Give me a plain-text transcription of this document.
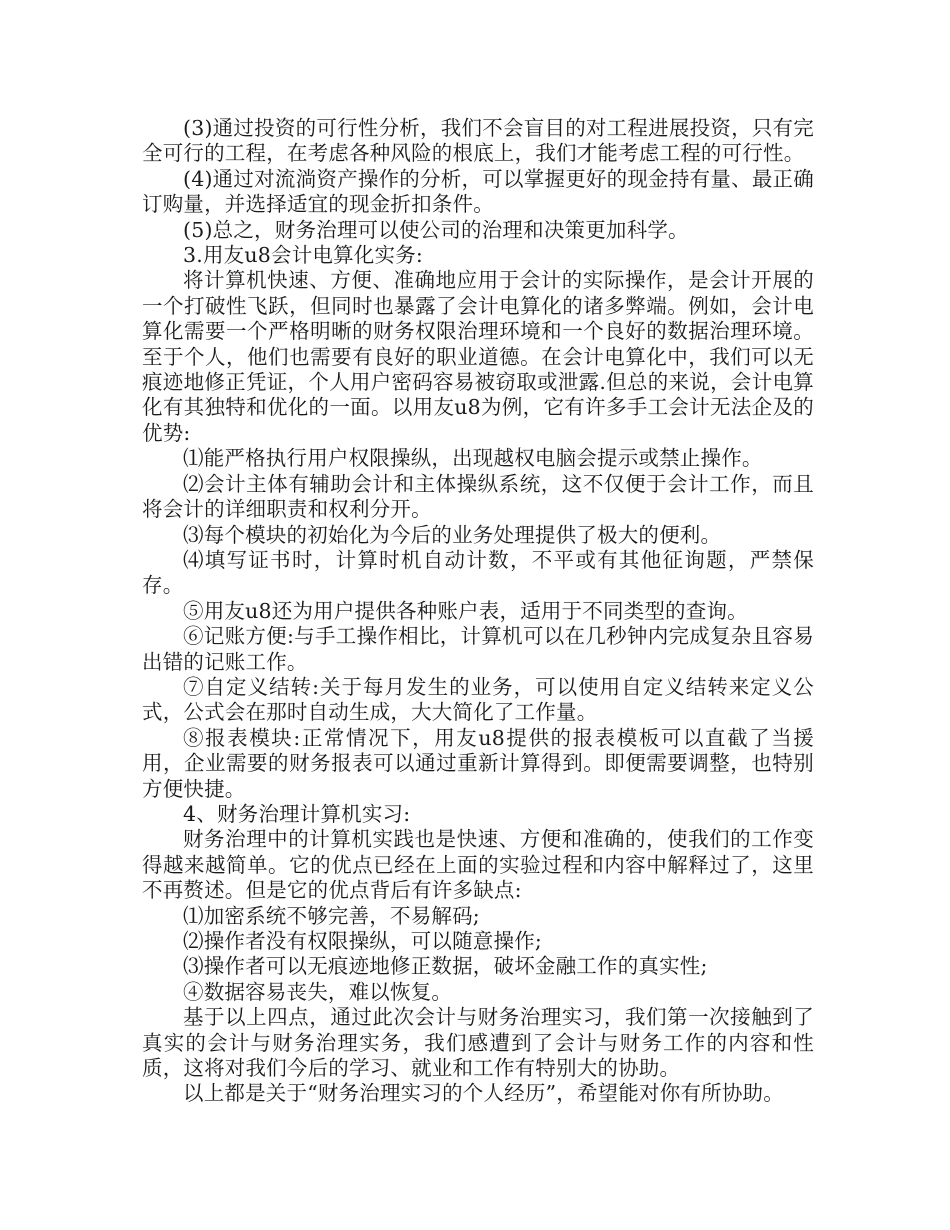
(3)通过投资的可行性分析，我们不会盲目的对工程进展投资，只有完全可行的工程，在考虑各种风险的根底上，我们才能考虑工程的可行性。

(4)通过对流淌资产操作的分析，可以掌握更好的现金持有量、最正确订购量，并选择适宜的现金折扣条件。

(5)总之，财务治理可以使公司的治理和决策更加科学。

3.用友u8会计电算化实务:

将计算机快速、方便、准确地应用于会计的实际操作，是会计开展的一个打破性飞跃，但同时也暴露了会计电算化的诸多弊端。例如，会计电算化需要一个严格明晰的财务权限治理环境和一个良好的数据治理环境。至于个人，他们也需要有良好的职业道德。在会计电算化中，我们可以无痕迹地修正凭证，个人用户密码容易被窃取或泄露.但总的来说，会计电算化有其独特和优化的一面。以用友u8为例，它有许多手工会计无法企及的优势:

⑴能严格执行用户权限操纵，出现越权电脑会提示或禁止操作。

⑵会计主体有辅助会计和主体操纵系统，这不仅便于会计工作，而且将会计的详细职责和权利分开。

⑶每个模块的初始化为今后的业务处理提供了极大的便利。

⑷填写证书时，计算时机自动计数，不平或有其他征询题，严禁保存。

⑤用友u8还为用户提供各种账户表，适用于不同类型的查询。

⑥记账方便:与手工操作相比，计算机可以在几秒钟内完成复杂且容易出错的记账工作。

⑦自定义结转:关于每月发生的业务，可以使用自定义结转来定义公式，公式会在那时自动生成，大大简化了工作量。

⑧报表模块:正常情况下，用友u8提供的报表模板可以直截了当援用，企业需要的财务报表可以通过重新计算得到。即便需要调整，也特别方便快捷。

4、财务治理计算机实习:

财务治理中的计算机实践也是快速、方便和准确的，使我们的工作变得越来越简单。它的优点已经在上面的实验过程和内容中解释过了，这里不再赘述。但是它的优点背后有许多缺点:

⑴加密系统不够完善，不易解码;

⑵操作者没有权限操纵，可以随意操作;

⑶操作者可以无痕迹地修正数据，破坏金融工作的真实性;

④数据容易丧失，难以恢复。

基于以上四点，通过此次会计与财务治理实习，我们第一次接触到了真实的会计与财务治理实务，我们感遭到了会计与财务工作的内容和性质，这将对我们今后的学习、就业和工作有特别大的协助。

以上都是关于“财务治理实习的个人经历”，希望能对你有所协助。
